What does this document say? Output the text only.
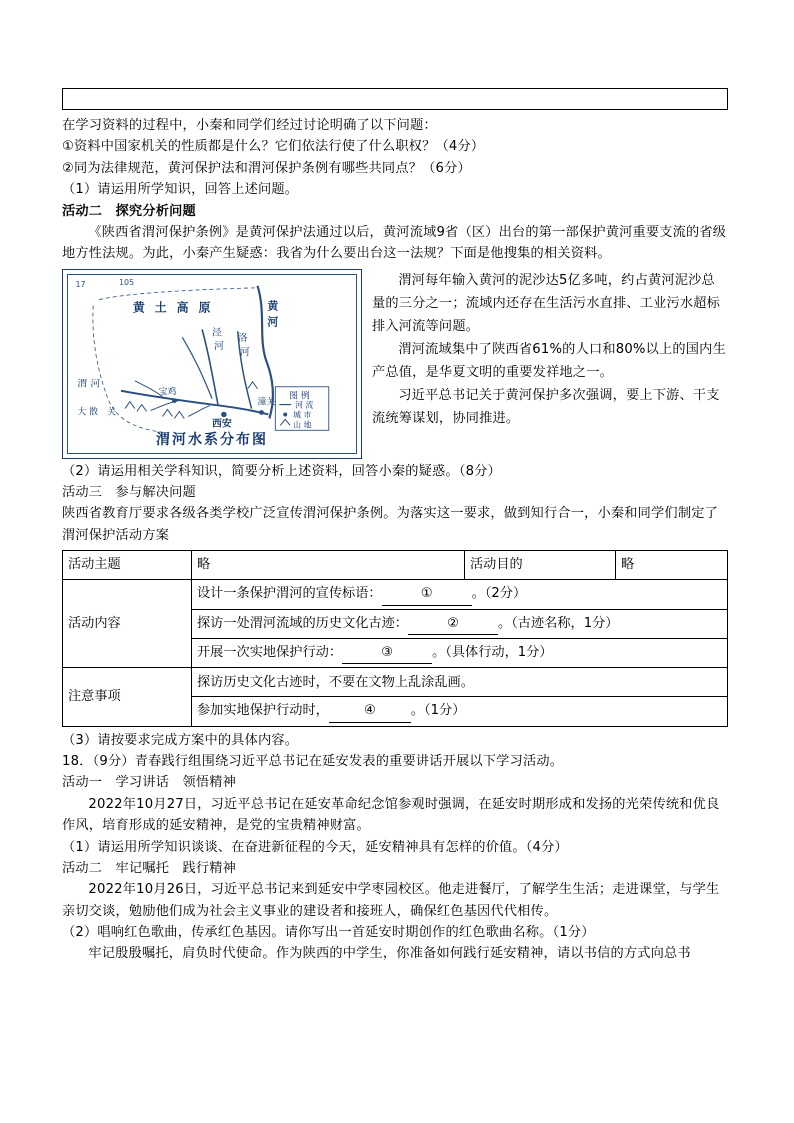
在学习资料的过程中，小秦和同学们经过讨论明确了以下问题：

①资料中国家机关的性质都是什么？它们依法行使了什么职权？（4分）

②同为法律规范，黄河保护法和渭河保护条例有哪些共同点？（6分）

（1）请运用所学知识，回答上述问题。

活动二　探究分析问题

《陕西省渭河保护条例》是黄河保护法通过以后，黄河流域9省（区）出台的第一部保护黄河重要支流的省级地方性法规。为此，小秦产生疑惑：我省为什么要出台这一法规？下面是他搜集的相关资料。

17	105
黄 土 高 原	黄
河
泾
河
洛
河
渭 河
大 散 关
宝鸡
西安
潼关
图 例
河 流
城 市
山 地
渭河水系分布图

渭河每年输入黄河的泥沙达5亿多吨，约占黄河泥沙总量的三分之一；流域内还存在生活污水直排、工业污水超标排入河流等问题。

渭河流域集中了陕西省61%的人口和80%以上的国内生产总值，是华夏文明的重要发祥地之一。

习近平总书记关于黄河保护多次强调，要上下游、干支流统筹谋划，协同推进。

（2）请运用相关学科知识，简要分析上述资料，回答小秦的疑惑。（8分）

活动三　参与解决问题

陕西省教育厅要求各级各类学校广泛宣传渭河保护条例。为落实这一要求，做到知行合一，小秦和同学们制定了渭河保护活动方案

活动主题	略	活动目的	略
活动内容	设计一条保护渭河的宣传标语： ① 。（2分）		
	探访一处渭河流域的历史文化古迹： ② 。（古迹名称，1分）		
	开展一次实地保护行动： ③ 。（具体行动，1分）		
注意事项	探访历史文化古迹时，不要在文物上乱涂乱画。		
	参加实地保护行动时， ④ 。（1分）		

（3）请按要求完成方案中的具体内容。

18．（9分）青春践行组围绕习近平总书记在延安发表的重要讲话开展以下学习活动。

活动一　学习讲话　领悟精神

2022年10月27日，习近平总书记在延安革命纪念馆参观时强调，在延安时期形成和发扬的光荣传统和优良作风，培育形成的延安精神，是党的宝贵精神财富。

（1）请运用所学知识谈谈、在奋进新征程的今天，延安精神具有怎样的价值。（4分）

活动二　牢记嘱托　践行精神

2022年10月26日，习近平总书记来到延安中学枣园校区。他走进餐厅，了解学生生活；走进课堂，与学生亲切交谈，勉励他们成为社会主义事业的建设者和接班人，确保红色基因代代相传。

（2）唱响红色歌曲，传承红色基因。请你写出一首延安时期创作的红色歌曲名称。（1分）

牢记殷殷嘱托，肩负时代使命。作为陕西的中学生，你准备如何践行延安精神，请以书信的方式向总书
